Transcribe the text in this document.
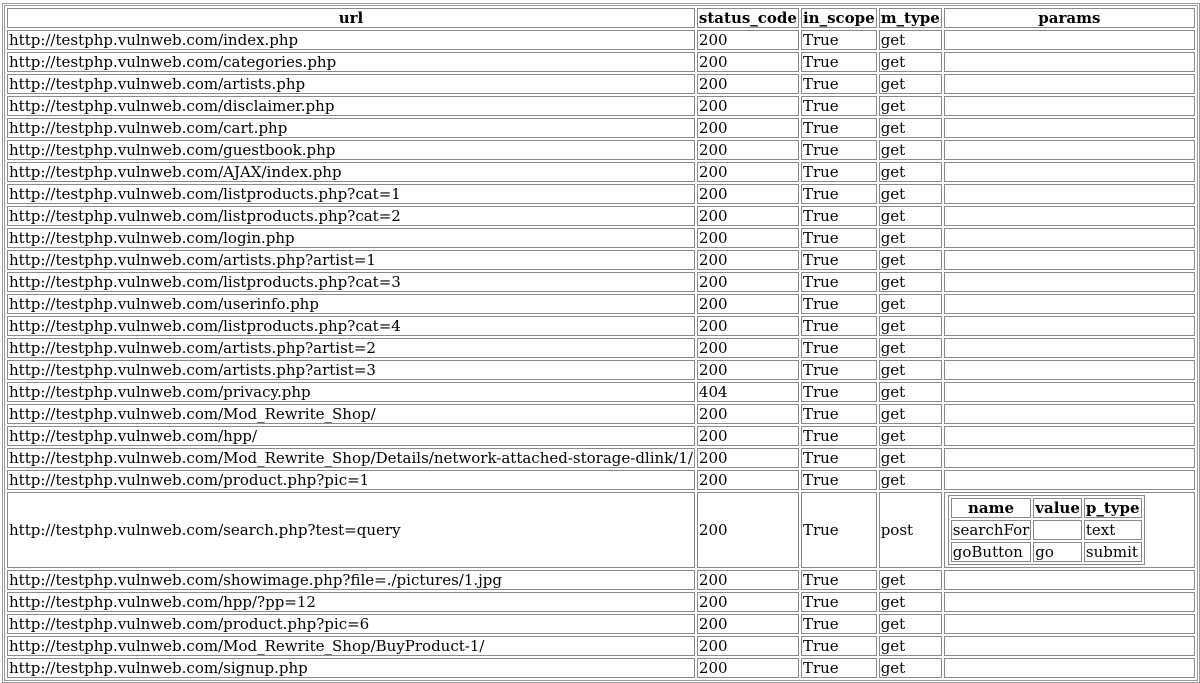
url	status_code	in_scope	m_type	params
http://testphp.vulnweb.com/index.php	200	True	get	
http://testphp.vulnweb.com/categories.php	200	True	get	
http://testphp.vulnweb.com/artists.php	200	True	get	
http://testphp.vulnweb.com/disclaimer.php	200	True	get	
http://testphp.vulnweb.com/cart.php	200	True	get	
http://testphp.vulnweb.com/guestbook.php	200	True	get	
http://testphp.vulnweb.com/AJAX/index.php	200	True	get	
http://testphp.vulnweb.com/listproducts.php?cat=1	200	True	get	
http://testphp.vulnweb.com/listproducts.php?cat=2	200	True	get	
http://testphp.vulnweb.com/login.php	200	True	get	
http://testphp.vulnweb.com/artists.php?artist=1	200	True	get	
http://testphp.vulnweb.com/listproducts.php?cat=3	200	True	get	
http://testphp.vulnweb.com/userinfo.php	200	True	get	
http://testphp.vulnweb.com/listproducts.php?cat=4	200	True	get	
http://testphp.vulnweb.com/artists.php?artist=2	200	True	get	
http://testphp.vulnweb.com/artists.php?artist=3	200	True	get	
http://testphp.vulnweb.com/privacy.php	404	True	get	
http://testphp.vulnweb.com/Mod_Rewrite_Shop/	200	True	get	
http://testphp.vulnweb.com/hpp/	200	True	get	
http://testphp.vulnweb.com/Mod_Rewrite_Shop/Details/network-attached-storage-dlink/1/	200	True	get	
http://testphp.vulnweb.com/product.php?pic=1	200	True	get	
http://testphp.vulnweb.com/search.php?test=query	200	True	post	
name	value	p_type
searchFor		text
goButton	go	submit

http://testphp.vulnweb.com/showimage.php?file=./pictures/1.jpg	200	True	get	
http://testphp.vulnweb.com/hpp/?pp=12	200	True	get	
http://testphp.vulnweb.com/product.php?pic=6	200	True	get	
http://testphp.vulnweb.com/Mod_Rewrite_Shop/BuyProduct-1/	200	True	get	
http://testphp.vulnweb.com/signup.php	200	True	get	
